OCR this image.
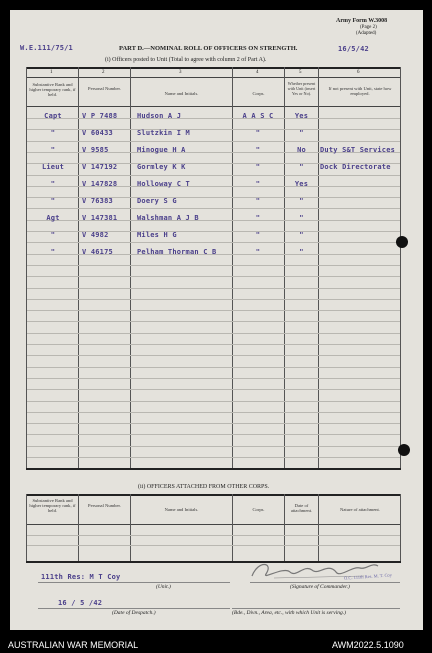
Army Form W.3008
(Page 2)
(Adapted)
W.E.111/75/1	16/5/42
PART D.—NOMINAL ROLL OF OFFICERS ON STRENGTH.
(i) Officers posted to Unit (Total to agree with column 2 of Part A).
1	2	3	4	5	6
Substantive Rank and higher temporary rank, if held.
Personal Number.
Name and Initials.	Corps.
Whether present with Unit (insert Yes or No).
If not present with Unit, state how employed.
Capt	V P 7488	Hudson A J	A A S C	Yes
"	V 60433	Slutzkin I M	"	"
"	V 9585	Minogue H A	"	No	Duty S&T Services
Lieut	V 147192	Gormley K K	"	"	Dock Directorate
"	V 147828	Holloway C T	"	Yes
"	V 76383	Doery S G	"	"
Agt	V 147381	Walshman A J B	"	"
"	V 4982	Miles H G	"	"
"	V 46175	Pelham Thorman C B	"	"
(ii) OFFICERS ATTACHED FROM OTHER CORPS.
Substantive Rank and higher temporary rank, if held.
Personal Number.
Name and Initials.	Corps.
Date of attachment.	Nature of attachment.
111th Res: M T Coy
(Unit.)
O.C. 111th Res. M. T. Coy
(Signature of Commander.)
16 / 5 /42
(Date of Despatch.)	(Bde., Divn., Area, etc., with which Unit is serving.)
AUSTRALIAN WAR MEMORIAL	AWM2022.5.1090
